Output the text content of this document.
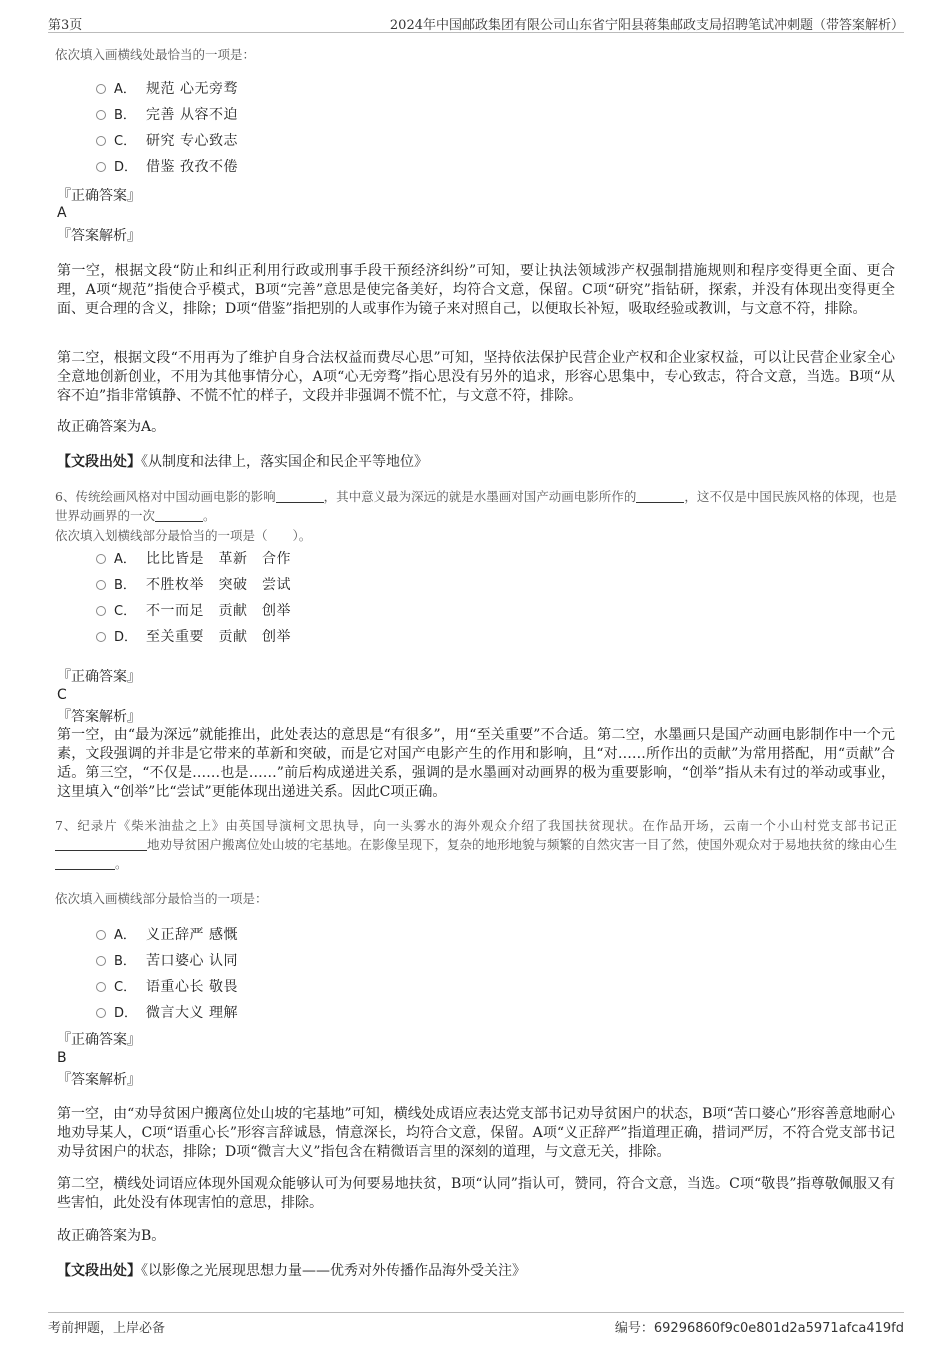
第3页	2024年中国邮政集团有限公司山东省宁阳县蒋集邮政支局招聘笔试冲刺题（带答案解析）
依次填入画横线处最恰当的一项是：
A． 规范 心无旁骛
B． 完善 从容不迫
C． 研究 专心致志
D． 借鉴 孜孜不倦
『正确答案』
A
『答案解析』
第一空，根据文段“防止和纠正利用行政或刑事手段干预经济纠纷”可知，要让执法领域涉产权强制措施规则和程序变得更全面、更合理，A项“规范”指使合乎模式，B项“完善”意思是使完备美好，均符合文意，保留。C项“研究”指钻研，探索，并没有体现出变得更全面、更合理的含义，排除；D项“借鉴”指把别的人或事作为镜子来对照自己，以便取长补短，吸取经验或教训，与文意不符，排除。
第二空，根据文段“不用再为了维护自身合法权益而费尽心思”可知，坚持依法保护民营企业产权和企业家权益，可以让民营企业家全心全意地创新创业，不用为其他事情分心，A项“心无旁骛”指心思没有另外的追求，形容心思集中，专心致志，符合文意，当选。B项“从容不迫”指非常镇静、不慌不忙的样子，文段并非强调不慌不忙，与文意不符，排除。
故正确答案为A。
【文段出处】《从制度和法律上，落实国企和民企平等地位》
6、传统绘画风格对中国动画电影的影响	，其中意义最为深远的就是水墨画对国产动画电影所作的	，这不仅是中国民族风格的体现，也是世界动画界的一次	。
依次填入划横线部分最恰当的一项是（　　）。
A． 比比皆是　革新　合作
B． 不胜枚举　突破　尝试
C． 不一而足　贡献　创举
D． 至关重要　贡献　创举
『正确答案』
C
『答案解析』
第一空，由“最为深远”就能推出，此处表达的意思是“有很多”，用“至关重要”不合适。第二空，水墨画只是国产动画电影制作中一个元素，文段强调的并非是它带来的革新和突破，而是它对国产电影产生的作用和影响，且“对……所作出的贡献”为常用搭配，用“贡献”合适。第三空，“不仅是……也是……”前后构成递进关系，强调的是水墨画对动画界的极为重要影响，“创举”指从未有过的举动或事业，这里填入“创举”比“尝试”更能体现出递进关系。因此C项正确。
7、纪录片《柴米油盐之上》由英国导演柯文思执导，向一头雾水的海外观众介绍了我国扶贫现状。在作品开场，云南一个小山村党支部书记正地劝导贫困户搬离位处山坡的宅基地。在影像呈现下，复杂的地形地貌与频繁的自然灾害一目了然，使国外观众对于易地扶贫的缘由心生。
依次填入画横线部分最恰当的一项是：
A． 义正辞严 感慨
B． 苦口婆心 认同
C． 语重心长 敬畏
D． 微言大义 理解
『正确答案』
B
『答案解析』
第一空，由“劝导贫困户搬离位处山坡的宅基地”可知，横线处成语应表达党支部书记劝导贫困户的状态，B项“苦口婆心”形容善意地耐心地劝导某人，C项“语重心长”形容言辞诚恳，情意深长，均符合文意，保留。A项“义正辞严”指道理正确，措词严厉，不符合党支部书记劝导贫困户的状态，排除；D项“微言大义”指包含在精微语言里的深刻的道理，与文意无关，排除。
第二空，横线处词语应体现外国观众能够认可为何要易地扶贫，B项“认同”指认可，赞同，符合文意，当选。C项“敬畏”指尊敬佩服又有些害怕，此处没有体现害怕的意思，排除。
故正确答案为B。
【文段出处】《以影像之光展现思想力量——优秀对外传播作品海外受关注》
考前押题，上岸必备	编号：69296860f9c0e801d2a5971afca419fd
